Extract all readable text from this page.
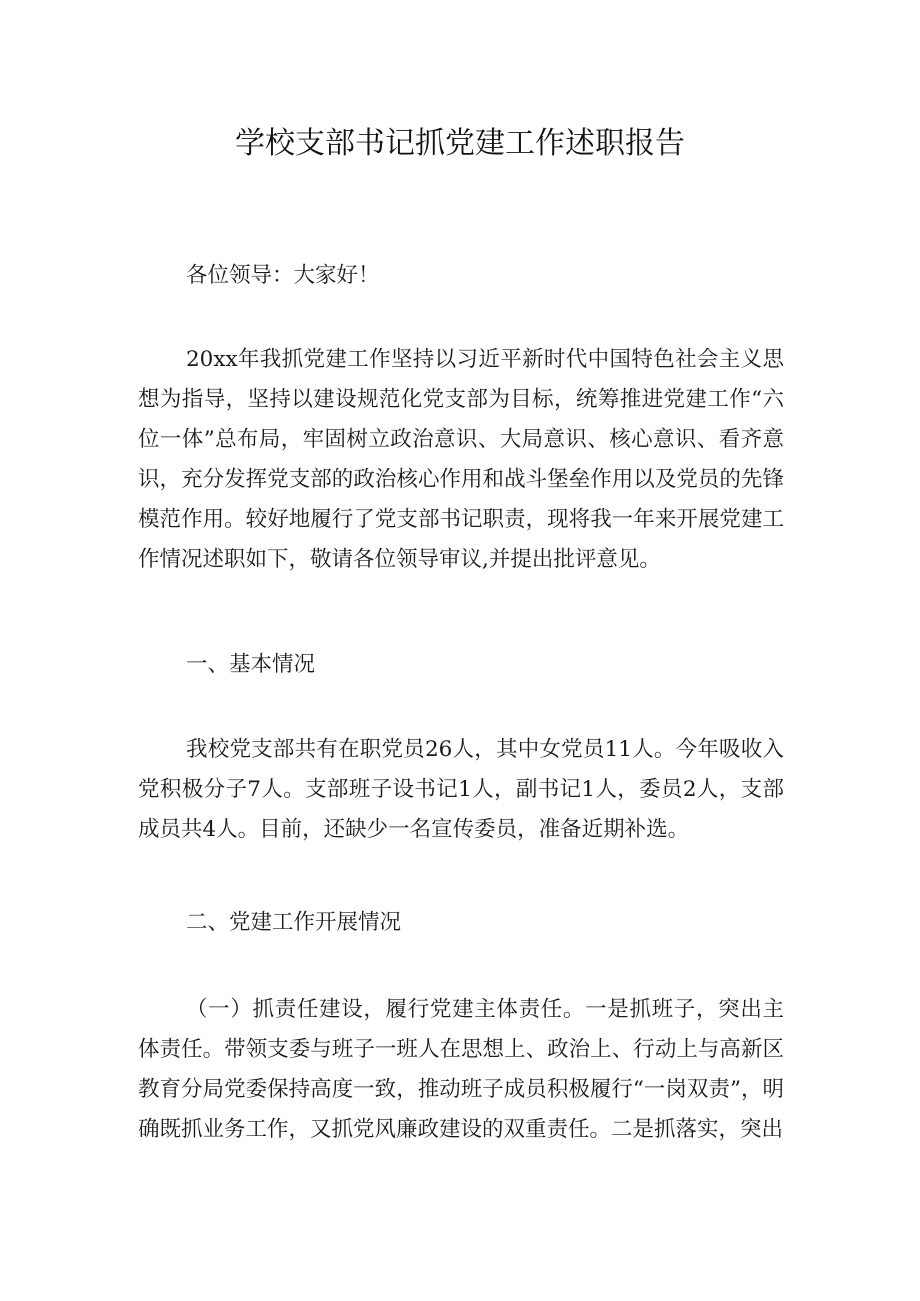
学校支部书记抓党建工作述职报告

各位领导：大家好！

20xx年我抓党建工作坚持以习近平新时代中国特色社会主义思想为指导，坚持以建设规范化党支部为目标，统筹推进党建工作“六位一体”总布局，牢固树立政治意识、大局意识、核心意识、看齐意识，充分发挥党支部的政治核心作用和战斗堡垒作用以及党员的先锋模范作用。较好地履行了党支部书记职责，现将我一年来开展党建工作情况述职如下，敬请各位领导审议,并提出批评意见。

一、基本情况

我校党支部共有在职党员26人，其中女党员11人。今年吸收入党积极分子7人。支部班子设书记1人，副书记1人，委员2人，支部成员共4人。目前，还缺少一名宣传委员，准备近期补选。

二、党建工作开展情况

（一）抓责任建设，履行党建主体责任。一是抓班子，突出主体责任。带领支委与班子一班人在思想上、政治上、行动上与高新区教育分局党委保持高度一致，推动班子成员积极履行“一岗双责”，明确既抓业务工作，又抓党风廉政建设的双重责任。二是抓落实，突出
